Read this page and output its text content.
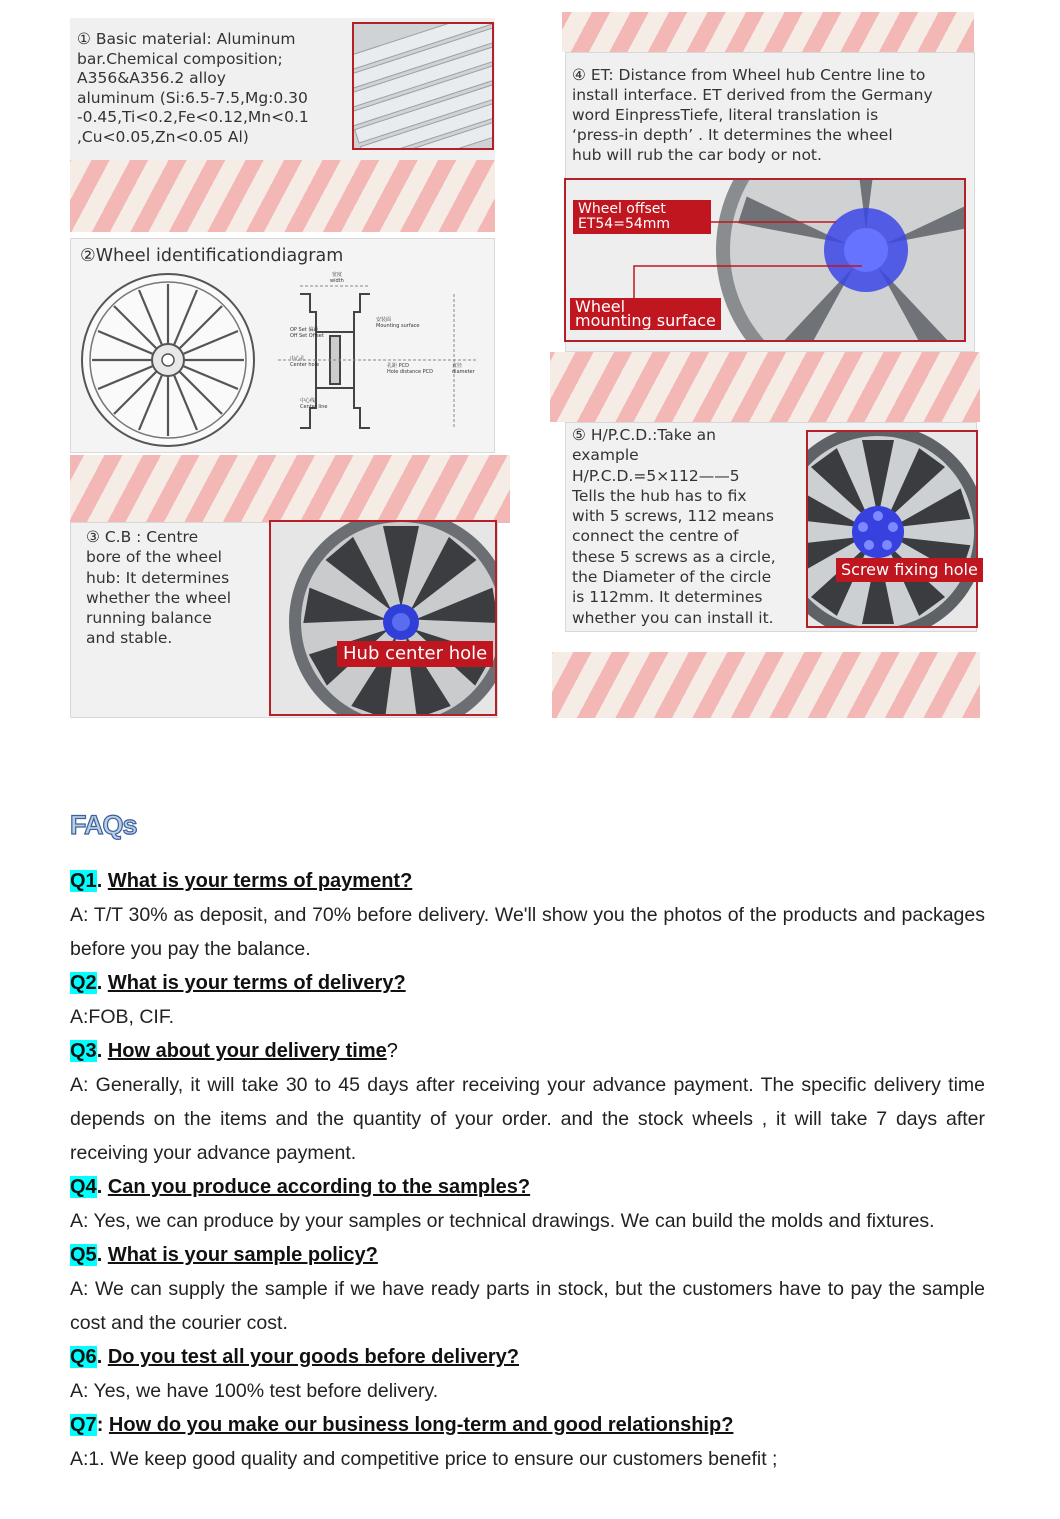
① Basic material: Aluminum
bar.Chemical composition;
A356&A356.2 alloy
aluminum (Si:6.5-7.5,Mg:0.30
-0.45,Ti<0.2,Fe<0.12,Mn<0.1
,Cu<0.05,Zn<0.05 Al)
②Wheel identificationdiagram
宽度
width
OP Set 偏距
Off Set Offset
安装面
Mounting surface
中心孔
Center hole	孔距 PCD
Hole distance PCD
直径
diameter
中心线
Center line
③ C.B : Centre
bore of the wheel
hub: It determines
whether the wheel
running balance
and stable.
Hub center hole
④ ET: Distance from Wheel hub Centre line to
install interface. ET derived from the Germany
word EinpressTiefe, literal translation is
‘press-in depth’ . It determines the wheel
hub will rub the car body or not.
Wheel offset
ET54=54mm
Wheel
mounting surface
⑤ H/P.C.D.:Take an
example
H/P.C.D.=5×112——5
Tells the hub has to fix
with 5 screws, 112 means
connect the centre of
these 5 screws as a circle,
the Diameter of the circle
is 112mm. It determines
whether you can install it.
Screw fixing hole
FAQs
Q1. What is your terms of payment?
A: T/T 30% as deposit, and 70% before delivery. We'll show you the photos of the products and packages before you pay the balance.
Q2. What is your terms of delivery?
A:FOB, CIF.
Q3. How about your delivery time?
A: Generally, it will take 30 to 45 days after receiving your advance payment. The specific delivery time depends on the items and the quantity of your order. and the stock wheels , it will take 7 days after receiving your advance payment.
Q4. Can you produce according to the samples?
A: Yes, we can produce by your samples or technical drawings. We can build the molds and fixtures.
Q5. What is your sample policy?
A: We can supply the sample if we have ready parts in stock, but the customers have to pay the sample cost and the courier cost.
Q6. Do you test all your goods before delivery?
A: Yes, we have 100% test before delivery.
Q7: How do you make our business long-term and good relationship?
A:1. We keep good quality and competitive price to ensure our customers benefit ;
